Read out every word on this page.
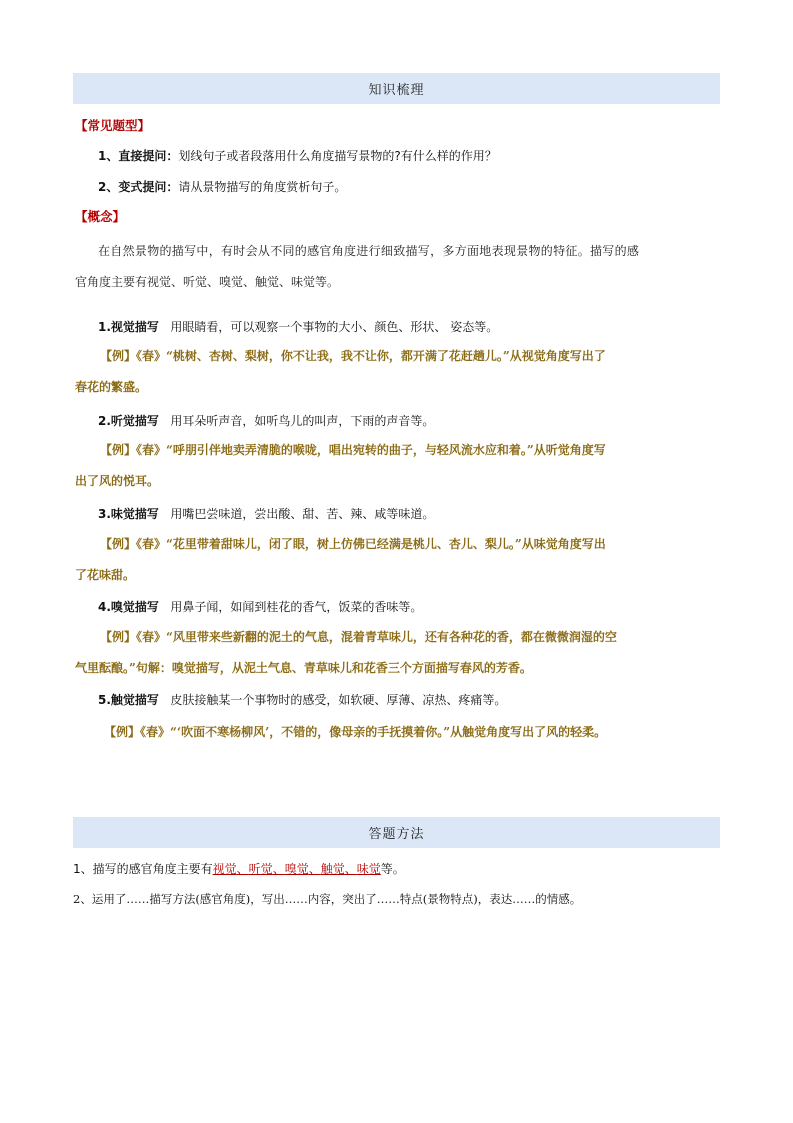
知识梳理
【常见题型】
1、直接提问：划线句子或者段落用什么角度描写景物的?有什么样的作用？
2、变式提问：请从景物描写的角度赏析句子。
【概念】
在自然景物的描写中，有时会从不同的感官角度进行细致描写，多方面地表现景物的特征。描写的感
官角度主要有视觉、听觉、嗅觉、触觉、味觉等。
1.视觉描写 用眼睛看，可以观察一个事物的大小、颜色、形状、 姿态等。
【例】《春》“桃树、杏树、梨树，你不让我，我不让你，都开满了花赶趟儿。”从视觉角度写出了
春花的繁盛。
2.听觉描写 用耳朵听声音，如听鸟儿的叫声，下雨的声音等。
【例】《春》“呼朋引伴地卖弄清脆的喉咙，唱出宛转的曲子，与轻风流水应和着。”从听觉角度写
出了风的悦耳。
3.味觉描写 用嘴巴尝味道，尝出酸、甜、苦、辣、咸等味道。
【例】《春》“花里带着甜味儿，闭了眼，树上仿佛已经满是桃儿、杏儿、梨儿。”从味觉角度写出
了花味甜。
4.嗅觉描写 用鼻子闻，如闻到桂花的香气，饭菜的香味等。
【例】《春》“风里带来些新翻的泥土的气息，混着青草味儿，还有各种花的香，都在微微润湿的空
气里酝酿。”句解：嗅觉描写，从泥土气息、青草味儿和花香三个方面描写春风的芳香。
5.触觉描写 皮肤接触某一个事物时的感受，如软硬、厚薄、凉热、疼痛等。
【例】《春》“‘吹面不寒杨柳风’，不错的，像母亲的手抚摸着你。”从触觉角度写出了风的轻柔。
答题方法
1、描写的感官角度主要有视觉、听觉、嗅觉、触觉、味觉等。
2、运用了……描写方法(感官角度)，写出……内容，突出了……特点(景物特点)，表达……的情感。
